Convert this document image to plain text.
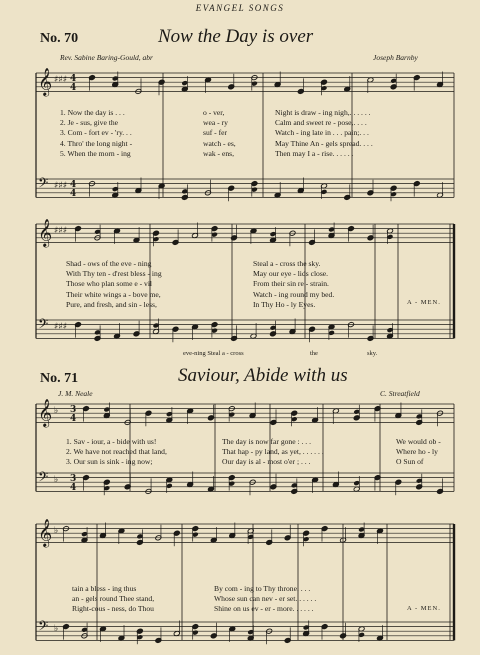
EVANGEL SONGS
No. 70	Now the Day is over
Rev. Sabine Baring-Gould, abr	Joseph Barnby
1. Now the day is . . .
2. Je - sus, give the
3. Com - fort ev - 'ry. . .
4. Thro' the long night -
5. When the morn - ing
o - ver,
wea - ry
suf - fer
watch - es,
wak - ens,
Night is draw - ing nigh,. . . . . .
Calm and sweet re - pose,. . . .
Watch - ing late in . . . pain;. . .
May Thine An - gels spread. . . .
Then may I a - rise. . . . . .
Shad - ows of the eve - ning
With Thy ten - d'rest bless - ing
Those who plan some e - vil
Their white wings a - bove me,
Pure, and fresh, and sin - less,
Steal a - cross the sky.
May our eye - lids close.
From their sin re - strain.
Watch - ing round my bed.
In Thy Ho - ly Eyes.	A - MEN.
eve-ning Steal a - cross	the	sky.
No. 71	Saviour, Abide with us
J. M. Neale	C. Streatfield
1. Sav - iour, a - bide with us!
2. We have not reached that land,
3. Our sun is sink - ing now;
The day is now far gone : . . .
That hap - py land, as yet, . . . . . .
Our day is al - most o'er ; . . .
We would ob -
Where ho - ly
O Sun of
tain a bless - ing thus
an - gels round Thee stand,
Right-cous - ness, do Thou
By com - ing to Thy throne. . . .
Whose sun can nev - er set. . . . . .
Shine on us ev - er - more. . . . . .	A - MEN.
𝄞 ♯♯♯ 4
4
𝄢 ♯♯♯ 4
4
𝄞 ♯♯♯
𝄢 ♯♯♯
𝄞 ♭ 3
4
𝄢 ♭ 3
4
𝄞 ♭
𝄢 ♭
